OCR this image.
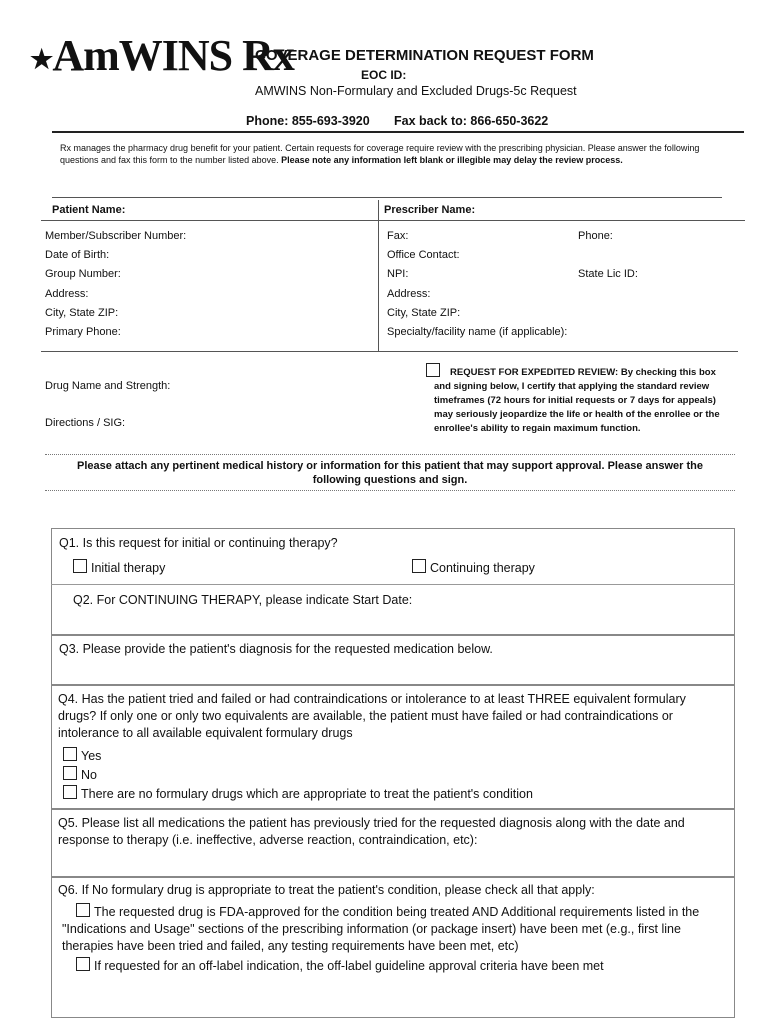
★AmWINS Rx
COVERAGE DETERMINATION REQUEST FORM
EOC ID:
AMWINS Non-Formulary and Excluded Drugs-5c Request
Phone: 855-693-3920 Fax back to: 866-650-3622
Rx manages the pharmacy drug benefit for your patient. Certain requests for coverage require review with the prescribing physician. Please answer the following questions and fax this form to the number listed above. Please note any information left blank or illegible may delay the review process.
Patient Name:	Prescriber Name:
Member/Subscriber Number:
Date of Birth:
Group Number:
Address:
City, State ZIP:
Primary Phone:
Fax:	Phone:
Office Contact:
NPI:	State Lic ID:
Address:
City, State ZIP:
Specialty/facility name (if applicable):
Drug Name and Strength:
Directions / SIG:
REQUEST FOR EXPEDITED REVIEW: By checking this box
and signing below, I certify that applying the standard review
timeframes (72 hours for initial requests or 7 days for appeals)
may seriously jeopardize the life or health of the enrollee or the
enrollee's ability to regain maximum function.
Please attach any pertinent medical history or information for this patient that may support approval. Please answer the
following questions and sign.
Q1. Is this request for initial or continuing therapy?
Initial therapy	Continuing therapy
Q2. For CONTINUING THERAPY, please indicate Start Date:
Q3. Please provide the patient's diagnosis for the requested medication below.
Q4. Has the patient tried and failed or had contraindications or intolerance to at least THREE equivalent formulary
drugs? If only one or only two equivalents are available, the patient must have failed or had contraindications or
intolerance to all available equivalent formulary drugs
Yes
No
There are no formulary drugs which are appropriate to treat the patient's condition
Q5. Please list all medications the patient has previously tried for the requested diagnosis along with the date and
response to therapy (i.e. ineffective, adverse reaction, contraindication, etc):
Q6. If No formulary drug is appropriate to treat the patient's condition, please check all that apply:
The requested drug is FDA-approved for the condition being treated AND Additional requirements listed in the
"Indications and Usage" sections of the prescribing information (or package insert) have been met (e.g., first line
therapies have been tried and failed, any testing requirements have been met, etc)
If requested for an off-label indication, the off-label guideline approval criteria have been met
